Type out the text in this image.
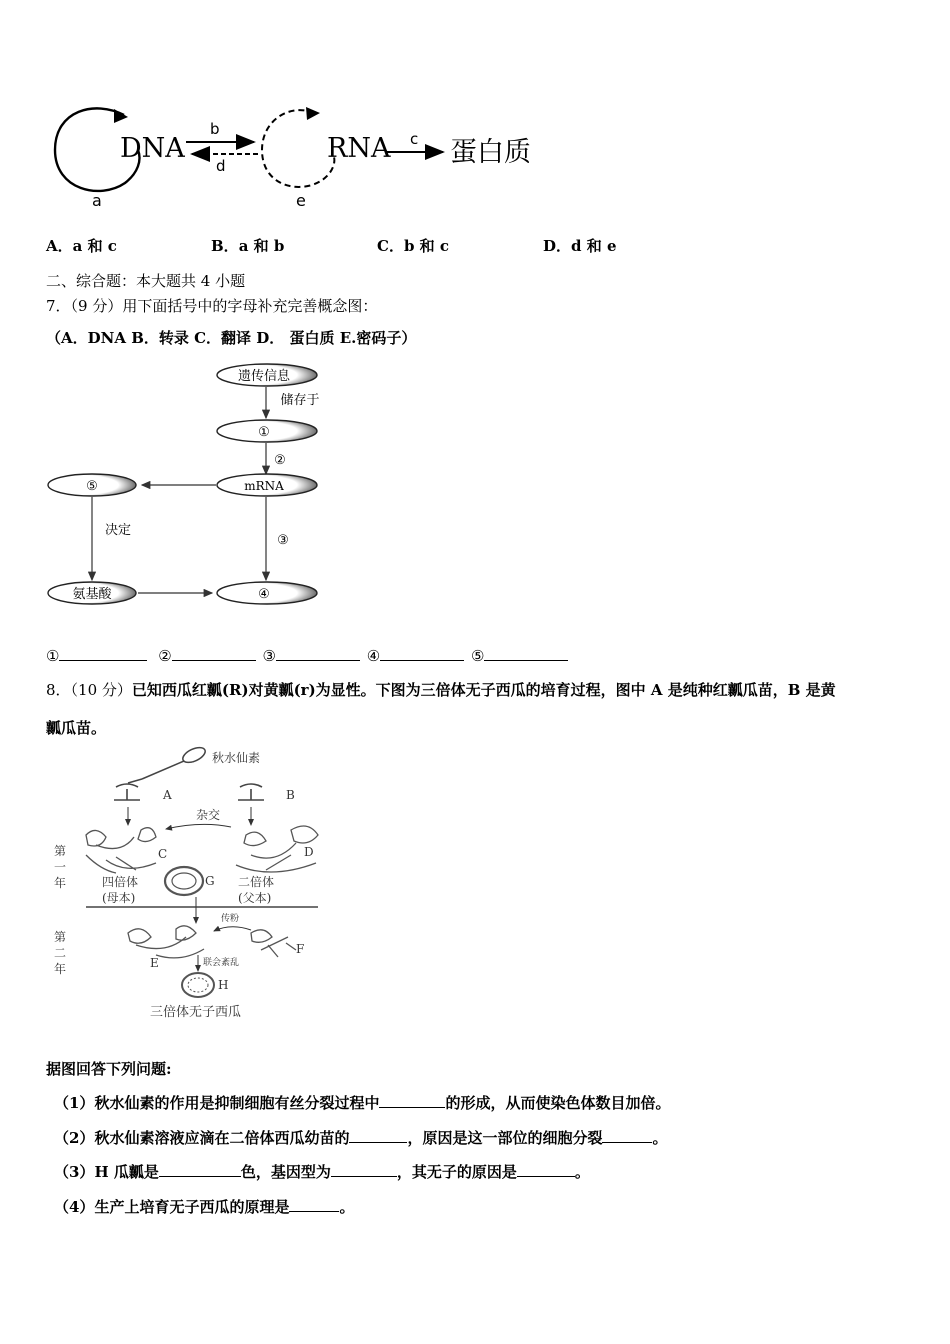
DNA
a
b
d
RNA
e
c 蛋白质
A．a 和 c	B．a 和 b	C．b 和 c	D．d 和 e
二、综合题：本大题共 4 小题
7．（9 分）用下面括号中的字母补充完善概念图：
（A．DNA B．转录 C．翻译 D． 蛋白质 E.密码子）
遗传信息
储存于
①
②
mRNA
⑤
决定
③
氨基酸	④
①	②	③	④	⑤
8．（10 分）已知西瓜红瓤(R)对黄瓤(r)为显性。下图为三倍体无子西瓜的培育过程，图中 A 是纯种红瓤瓜苗，B 是黄
瓤瓜苗。
秋水仙素
A	B
杂交
C	D
四倍体
(母本)
二倍体
(父本)
G
第
一
年
传粉
E
F
第
二
年	联会紊乱
H
三倍体无子西瓜
据图回答下列问题:
（1）秋水仙素的作用是抑制细胞有丝分裂过程中	的形成，从而使染色体数目加倍。
（2）秋水仙素溶液应滴在二倍体西瓜幼苗的	，原因是这一部位的细胞分裂	。
（3）H 瓜瓤是	色，基因型为	，其无子的原因是	。
（4）生产上培育无子西瓜的原理是	。
